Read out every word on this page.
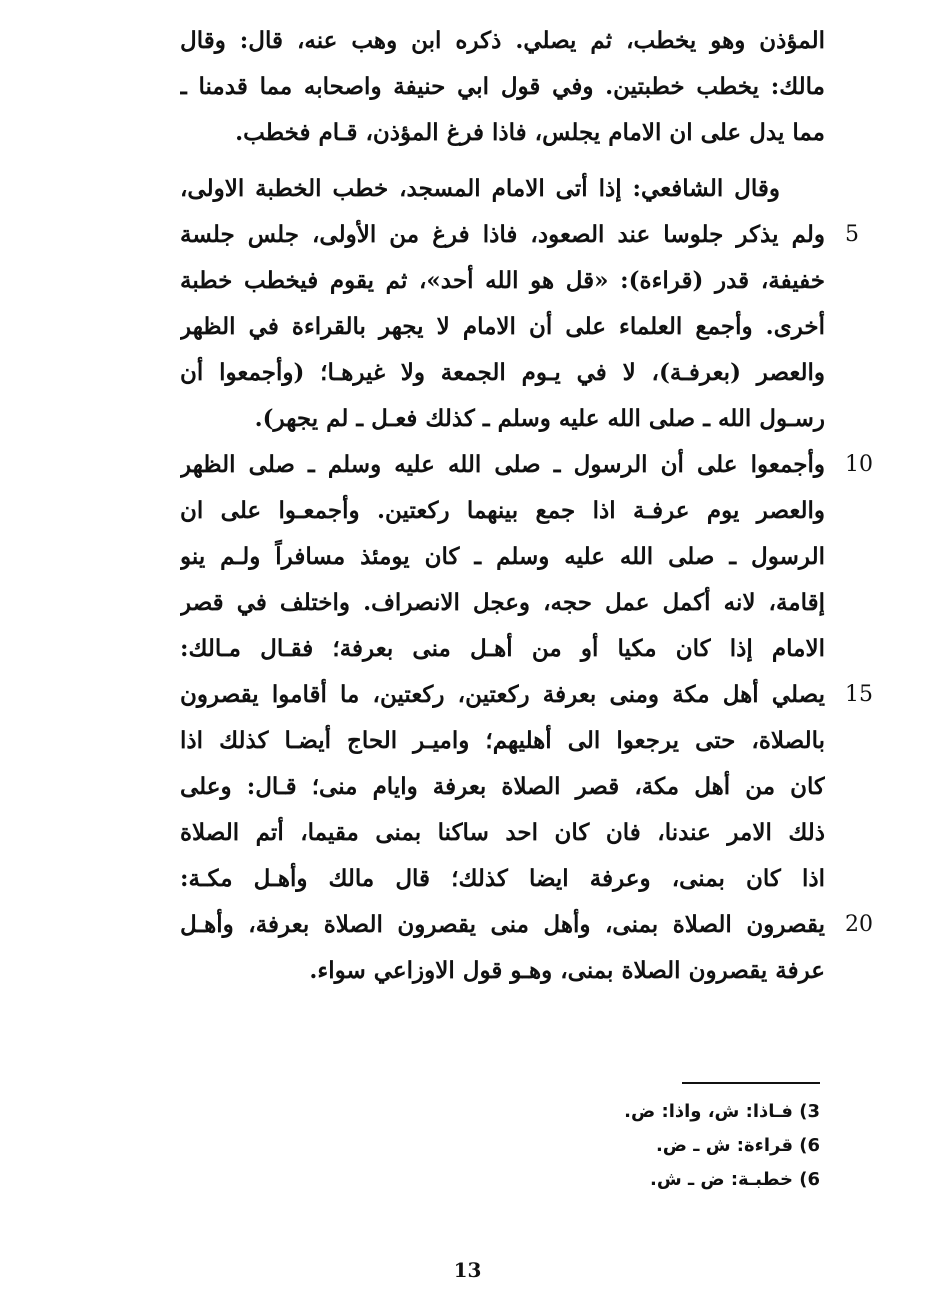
المؤذن وهو يخطب، ثم يصلي. ذكره ابن وهب عنه، قال: وقال
مالك: يخطب خطبتين. وفي قول ابي حنيفة واصحابه مما قدمنا ـ
مما يدل على ان الامام يجلس، فاذا فرغ المؤذن، قـام فخطب.
وقال الشافعي: إذا أتى الامام المسجد، خطب الخطبة الاولى،
ولم يذكر جلوسا عند الصعود، فاذا فرغ من الأولى، جلس جلسة
خفيفة، قدر (قراءة): «قل هو الله أحد»، ثم يقوم فيخطب خطبة
أخرى. وأجمع العلماء على أن الامام لا يجهر بالقراءة في الظهر
والعصر (بعرفـة)، لا في يـوم الجمعة ولا غيرهـا؛ (وأجمعوا أن
رسـول الله ـ صلى الله عليه وسلم ـ كذلك فعـل ـ لم يجهر).
وأجمعوا على أن الرسول ـ صلى الله عليه وسلم ـ صلى الظهر
والعصر يوم عرفـة اذا جمع بينهما ركعتين. وأجمعـوا على ان
الرسول ـ صلى الله عليه وسلم ـ كان يومئذ مسافراً ولـم ينو
إقامة، لانه أكمل عمل حجه، وعجل الانصراف. واختلف في قصر
الامام إذا كان مكيا أو من أهـل منى بعرفة؛ فقـال مـالك:
يصلي أهل مكة ومنى بعرفة ركعتين، ركعتين، ما أقاموا يقصرون
بالصلاة، حتى يرجعوا الى أهليهم؛ واميـر الحاج أيضـا كذلك اذا
كان من أهل مكة، قصر الصلاة بعرفة وايام منى؛ قـال: وعلى
ذلك الامر عندنا، فان كان احد ساكنا بمنى مقيما، أتم الصلاة
اذا كان بمنى، وعرفة ايضا كذلك؛ قال مالك وأهـل مكـة:
يقصرون الصلاة بمنى، وأهل منى يقصرون الصلاة بعرفة، وأهـل
عرفة يقصرون الصلاة بمنى، وهـو قول الاوزاعي سواء.
5
10
15
20
3) فـاذا: ش، واذا: ض.
6) قراءة: ش ـ ض.
6) خطبـة: ض ـ ش.
13
